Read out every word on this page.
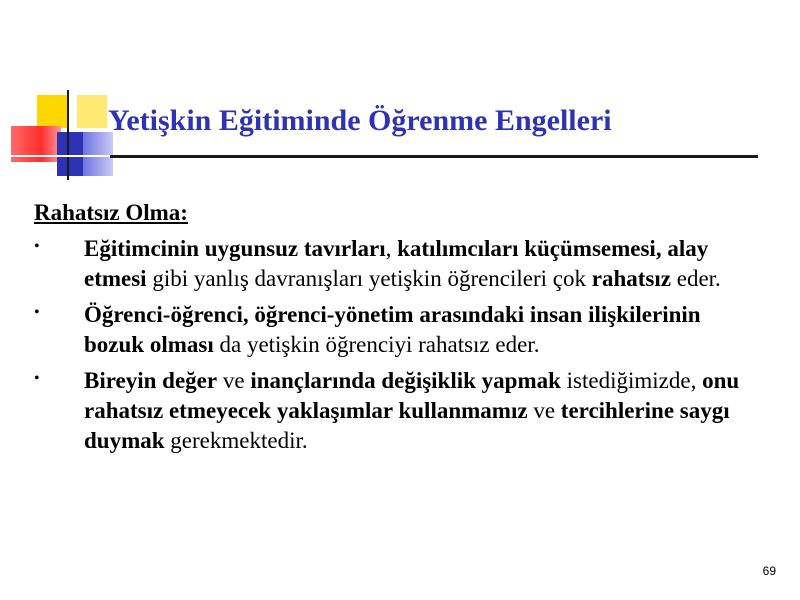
Yetişkin Eğitiminde Öğrenme Engelleri
Rahatsız Olma:
• Eğitimcinin uygunsuz tavırları, katılımcıları küçümsemesi, alay etmesi gibi yanlış davranışları yetişkin öğrencileri çok rahatsız eder.
• Öğrenci-öğrenci, öğrenci-yönetim arasındaki insan ilişkilerinin bozuk olması da yetişkin öğrenciyi rahatsız eder.
• Bireyin değer ve inançlarında değişiklik yapmak istediğimizde, onu rahatsız etmeyecek yaklaşımlar kullanmamız ve tercihlerine saygı duymak gerekmektedir.
69
